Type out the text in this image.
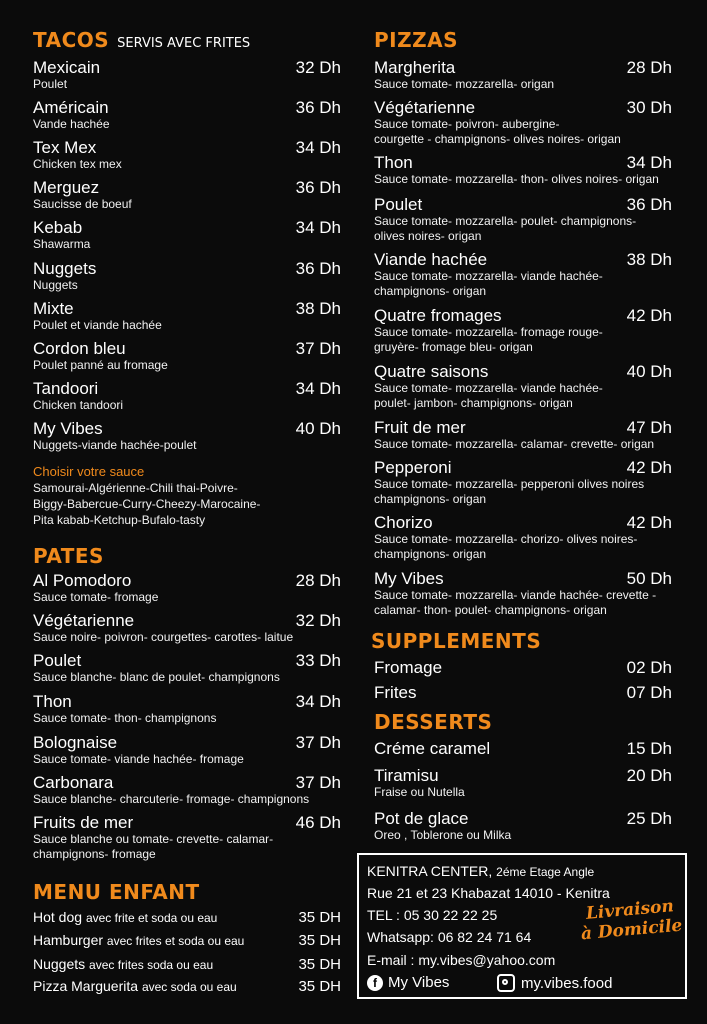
TACOS SERVIS AVEC FRITES
Mexicain	32 Dh
Poulet
Américain	36 Dh
Vande hachée
Tex Mex	34 Dh
Chicken tex mex
Merguez	36 Dh
Saucisse de boeuf
Kebab	34 Dh
Shawarma
Nuggets	36 Dh
Nuggets
Mixte	38 Dh
Poulet et viande hachée
Cordon bleu	37 Dh
Poulet panné au fromage
Tandoori	34 Dh
Chicken tandoori
My Vibes	40 Dh
Nuggets-viande hachée-poulet
Choisir votre sauce
Samourai-Algérienne-Chili thai-Poivre-
Biggy-Babercue-Curry-Cheezy-Marocaine-
Pita kabab-Ketchup-Bufalo-tasty
PATES
Al Pomodoro	28 Dh
Sauce tomate- fromage
Végétarienne	32 Dh
Sauce noire- poivron- courgettes- carottes- laitue
Poulet	33 Dh
Sauce blanche- blanc de poulet- champignons
Thon	34 Dh
Sauce tomate- thon- champignons
Bolognaise	37 Dh
Sauce tomate- viande hachée- fromage
Carbonara	37 Dh
Sauce blanche- charcuterie- fromage- champignons
Fruits de mer	46 Dh
Sauce blanche ou tomate- crevette- calamar-
champignons- fromage
MENU ENFANT
Hot dog avec frite et soda ou eau	35 DH
Hamburger avec frites et soda ou eau	35 DH
Nuggets avec frites soda ou eau	35 DH
Pizza Marguerita avec soda ou eau	35 DH
PIZZAS
Margherita	28 Dh
Sauce tomate- mozzarella- origan
Végétarienne	30 Dh
Sauce tomate- poivron- aubergine-
courgette - champignons- olives noires- origan
Thon	34 Dh
Sauce tomate- mozzarella- thon- olives noires- origan
Poulet	36 Dh
Sauce tomate- mozzarella- poulet- champignons-
olives noires- origan
Viande hachée	38 Dh
Sauce tomate- mozzarella- viande hachée-
champignons- origan
Quatre fromages	42 Dh
Sauce tomate- mozzarella- fromage rouge-
gruyère- fromage bleu- origan
Quatre saisons	40 Dh
Sauce tomate- mozzarella- viande hachée-
poulet- jambon- champignons- origan
Fruit de mer	47 Dh
Sauce tomate- mozzarella- calamar- crevette- origan
Pepperoni	42 Dh
Sauce tomate- mozzarella- pepperoni olives noires
champignons- origan
Chorizo	42 Dh
Sauce tomate- mozzarella- chorizo- olives noires-
champignons- origan
My Vibes	50 Dh
Sauce tomate- mozzarella- viande hachée- crevette -
calamar- thon- poulet- champignons- origan
SUPPLEMENTS
Fromage	02 Dh
Frites	07 Dh
DESSERTS
Créme caramel	15 Dh
Tiramisu	20 Dh
Fraise ou Nutella
Pot de glace	25 Dh
Oreo , Toblerone ou Milka
KENITRA CENTER, 2éme Etage Angle
Rue 21 et 23 Khabazat 14010 - Kenitra
TEL : 05 30 22 22 25
Whatsapp: 06 82 24 71 64
E-mail : my.vibes@yahoo.com
f My Vibes	my.vibes.food
Livraison
à Domicile
